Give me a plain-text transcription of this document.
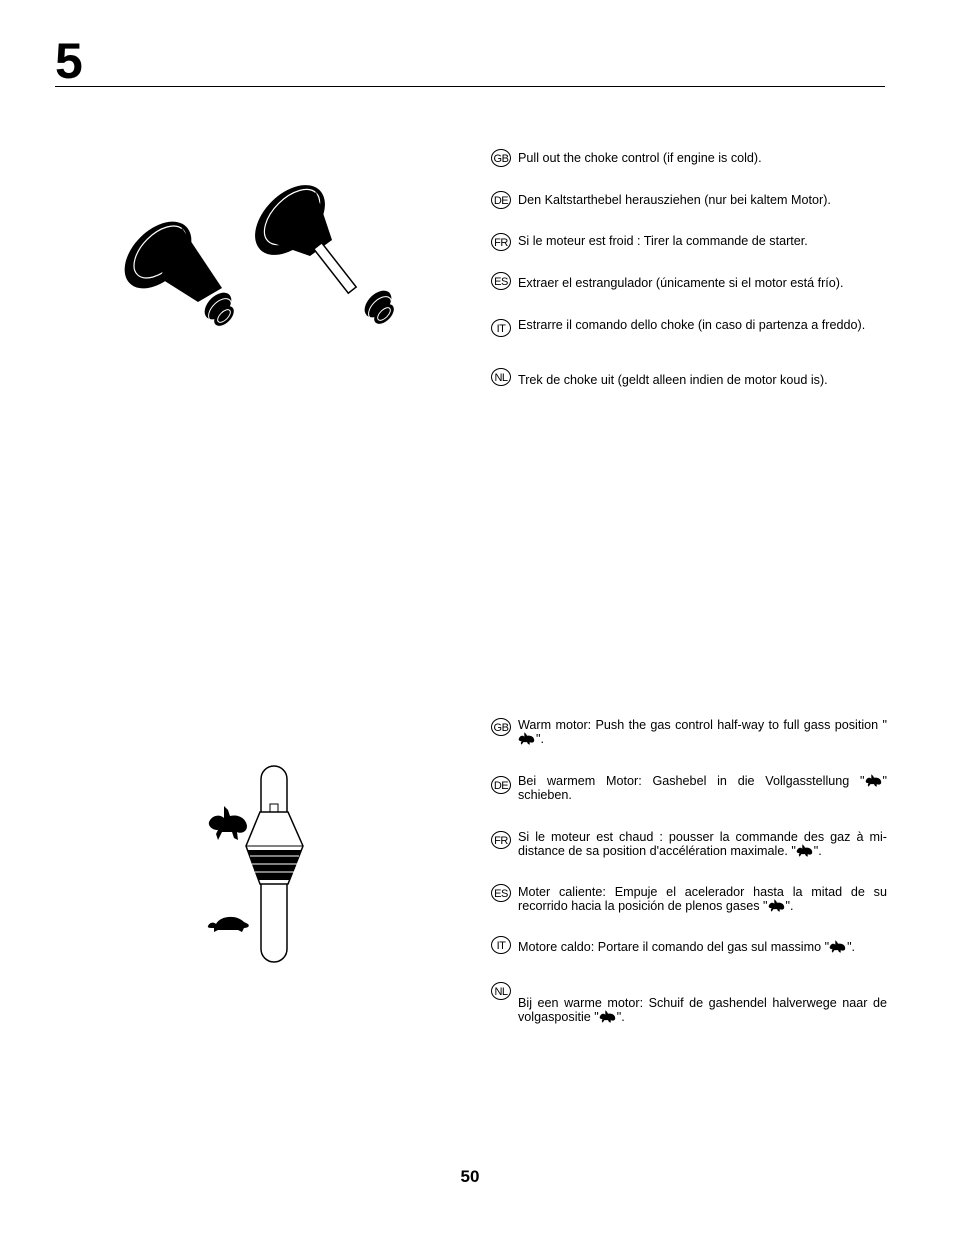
5
GB Pull out the choke control (if engine is cold).
DE Den Kaltstarthebel herausziehen (nur bei kaltem Motor).
FR Si le moteur est froid : Tirer la commande de starter.
ES Extraer el estrangulador (únicamente si el motor está frío).
IT	Estrarre il comando dello choke (in caso di partenza a freddo).
NL Trek de choke uit (geldt alleen indien de motor koud is).
GB Warm motor: Push the gas control half-way to full gass position "".
DE Bei warmem Motor: Gashebel in die Vollgasstellung " " schieben.
FR Si le moteur est chaud : pousser la commande des gaz à mi-distance de sa position d'accélération maximale. " ".
ES Moter caliente: Empuje el acelerador hasta la mitad de su recorrido hacia la posición de plenos gases " ".
IT	Motore caldo: Portare il comando del gas sul massimo " ".
NL
Bij een warme motor: Schuif de gashendel halverwege naar de volgaspositie " ".
50
